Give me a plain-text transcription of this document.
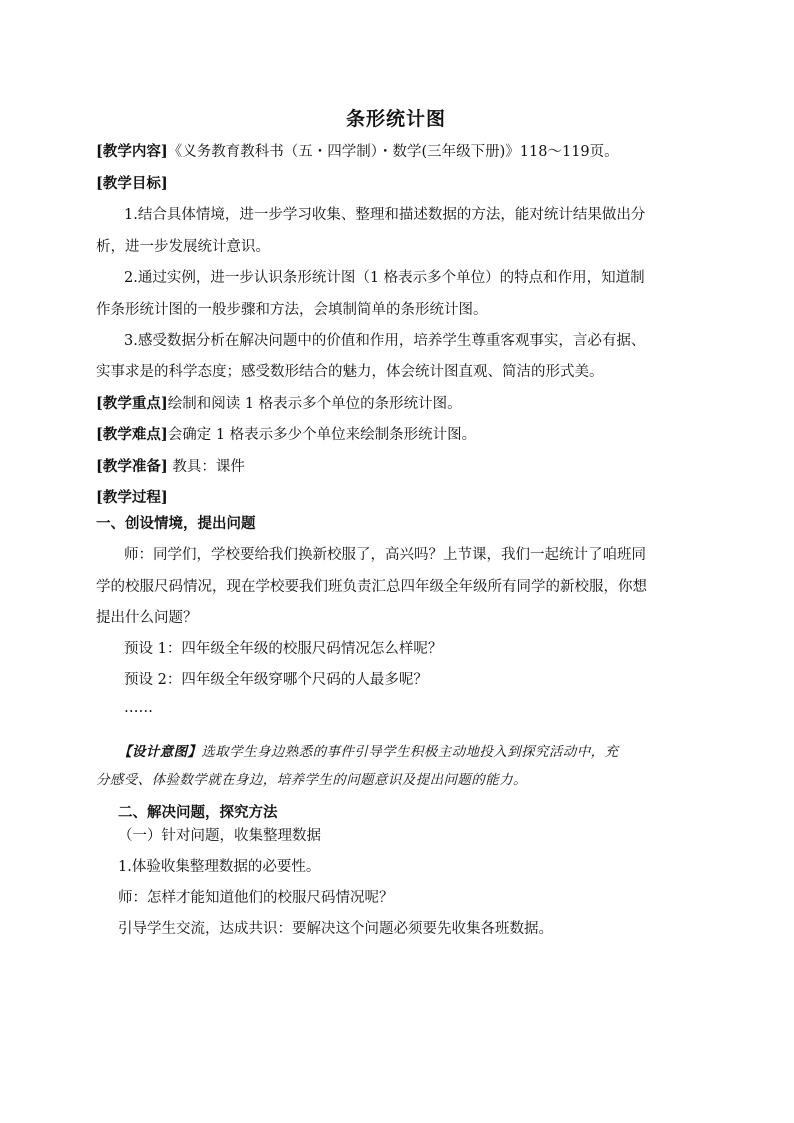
条形统计图
[教学内容]《义务教育教科书（五・四学制）・数学(三年级下册)》118～119页。
[教学目标]
1.结合具体情境，进一步学习收集、整理和描述数据的方法，能对统计结果做出分
析，进一步发展统计意识。
2.通过实例，进一步认识条形统计图（1 格表示多个单位）的特点和作用，知道制
作条形统计图的一般步骤和方法，会填制简单的条形统计图。
3.感受数据分析在解决问题中的价值和作用，培养学生尊重客观事实，言必有据、
实事求是的科学态度；感受数形结合的魅力，体会统计图直观、简洁的形式美。
[教学重点]绘制和阅读 1 格表示多个单位的条形统计图。
[教学难点]会确定 1 格表示多少个单位来绘制条形统计图。
[教学准备] 教具：课件
[教学过程]
一、创设情境，提出问题
师：同学们，学校要给我们换新校服了，高兴吗？上节课，我们一起统计了咱班同
学的校服尺码情况，现在学校要我们班负责汇总四年级全年级所有同学的新校服，你想
提出什么问题？
预设 1：四年级全年级的校服尺码情况怎么样呢？
预设 2：四年级全年级穿哪个尺码的人最多呢？
……
【设计意图】选取学生身边熟悉的事件引导学生积极主动地投入到探究活动中，充
分感受、体验数学就在身边，培养学生的问题意识及提出问题的能力。
二、解决问题，探究方法
（一）针对问题，收集整理数据
1.体验收集整理数据的必要性。
师：怎样才能知道他们的校服尺码情况呢？
引导学生交流，达成共识：要解决这个问题必须要先收集各班数据。
